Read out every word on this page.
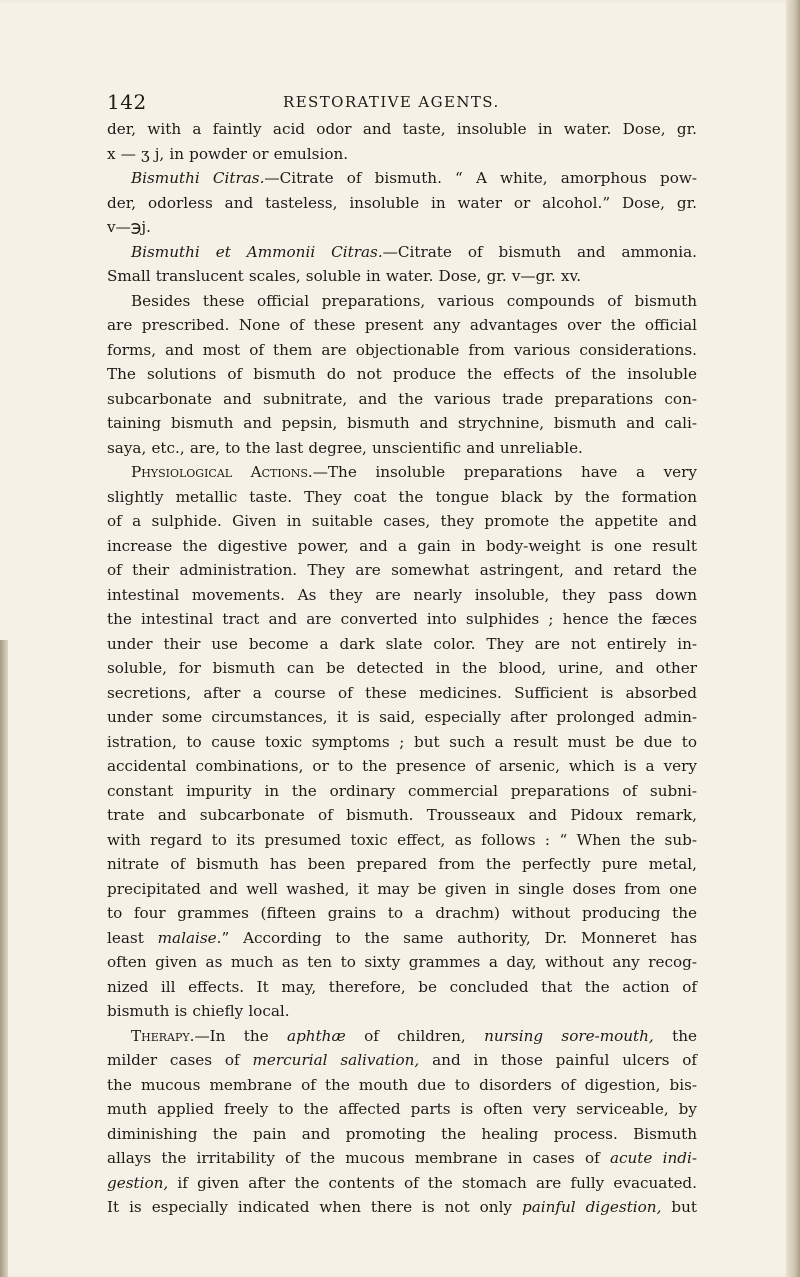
142	RESTORATIVE AGENTS.
der, with a faintly acid odor and taste, insoluble in water. Dose, gr.
x — ʒ j, in powder or emulsion.
Bismuthi Citras.—Citrate of bismuth. “ A white, amorphous pow-
der, odorless and tasteless, insoluble in water or alcohol.” Dose, gr.
v—℈j.
Bismuthi et Ammonii Citras.—Citrate of bismuth and ammonia.
Small translucent scales, soluble in water. Dose, gr. v—gr. xv.
Besides these official preparations, various compounds of bismuth
are prescribed. None of these present any advantages over the official
forms, and most of them are objectionable from various considerations.
The solutions of bismuth do not produce the effects of the insoluble
subcarbonate and subnitrate, and the various trade preparations con-
taining bismuth and pepsin, bismuth and strychnine, bismuth and cali-
saya, etc., are, to the last degree, unscientific and unreliable.
Physiological Actions.—The insoluble preparations have a very
slightly metallic taste. They coat the tongue black by the formation
of a sulphide. Given in suitable cases, they promote the appetite and
increase the digestive power, and a gain in body-weight is one result
of their administration. They are somewhat astringent, and retard the
intestinal movements. As they are nearly insoluble, they pass down
the intestinal tract and are converted into sulphides ; hence the fæces
under their use become a dark slate color. They are not entirely in-
soluble, for bismuth can be detected in the blood, urine, and other
secretions, after a course of these medicines. Sufficient is absorbed
under some circumstances, it is said, especially after prolonged admin-
istration, to cause toxic symptoms ; but such a result must be due to
accidental combinations, or to the presence of arsenic, which is a very
constant impurity in the ordinary commercial preparations of subni-
trate and subcarbonate of bismuth. Trousseaux and Pidoux remark,
with regard to its presumed toxic effect, as follows : “ When the sub-
nitrate of bismuth has been prepared from the perfectly pure metal,
precipitated and well washed, it may be given in single doses from one
to four grammes (fifteen grains to a drachm) without producing the
least malaise.” According to the same authority, Dr. Monneret has
often given as much as ten to sixty grammes a day, without any recog-
nized ill effects. It may, therefore, be concluded that the action of
bismuth is chiefly local.
Therapy.—In the aphthæ of children, nursing sore-mouth, the
milder cases of mercurial salivation, and in those painful ulcers of
the mucous membrane of the mouth due to disorders of digestion, bis-
muth applied freely to the affected parts is often very serviceable, by
diminishing the pain and promoting the healing process. Bismuth
allays the irritability of the mucous membrane in cases of acute indi-
gestion, if given after the contents of the stomach are fully evacuated.
It is especially indicated when there is not only painful digestion, but
